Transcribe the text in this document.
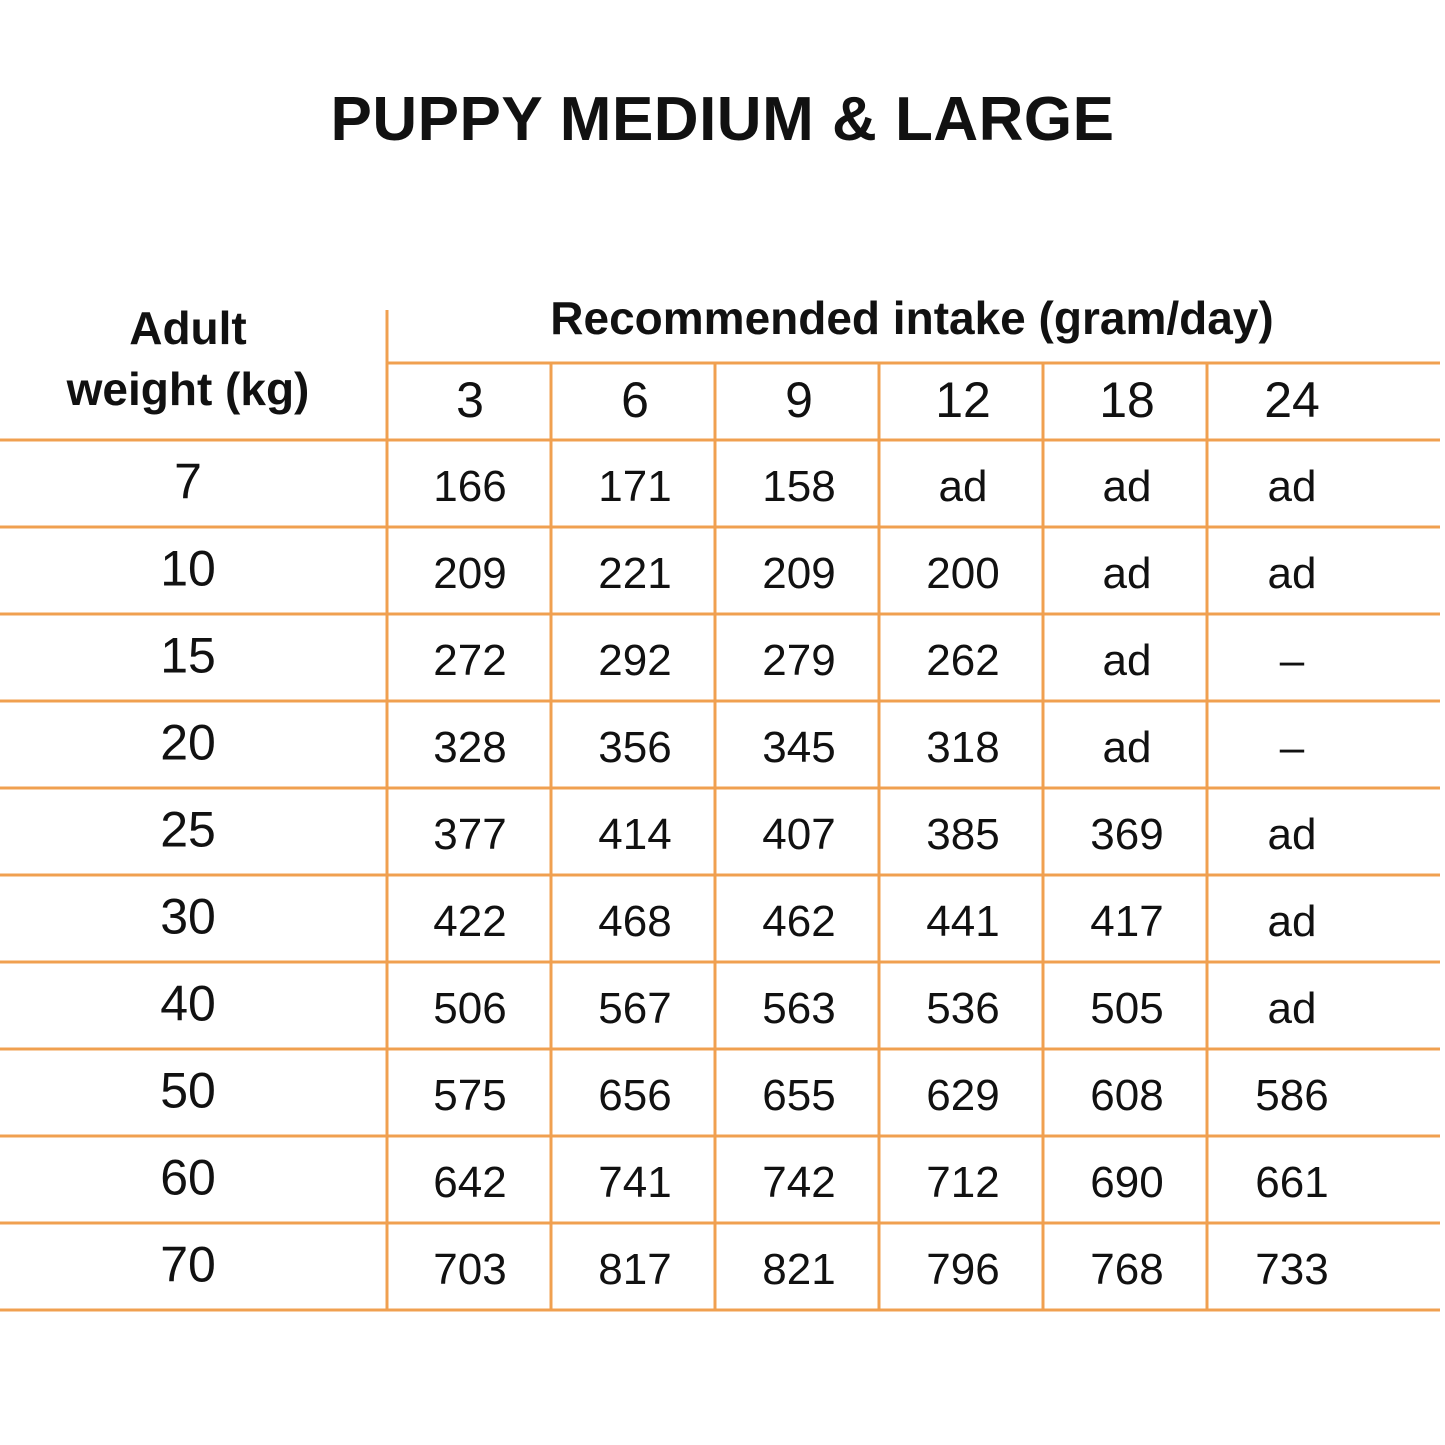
PUPPY MEDIUM & LARGE
Adult
weight (kg)
Recommended intake (gram/day)
3	6	9 12 18 24
7	166 171 158 ad	ad	ad
10	209 221 209 200 ad	ad
15	272 292 279 262 ad	–
20	328 356 345 318 ad	–
25	377 414 407 385 369 ad
30	422 468 462 441 417 ad
40	506 567 563 536 505 ad
50	575 656 655 629 608 586
60	642 741 742 712 690 661
70	703 817 821 796 768 733
